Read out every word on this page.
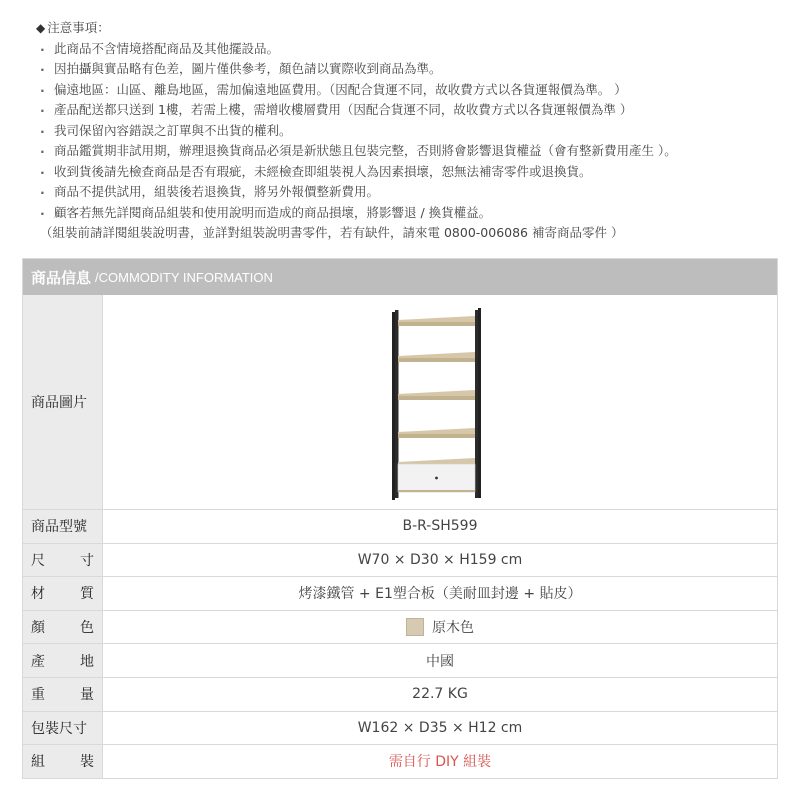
◆ 注意事項：
. 此商品不含情境搭配商品及其他擺設品。
. 因拍攝與實品略有色差，圖片僅供參考，顏色請以實際收到商品為準。
. 偏遠地區：山區、離島地區，需加偏遠地區費用。（因配合貨運不同，故收費方式以各貨運報價為準。 ）
. 產品配送都只送到 1樓，若需上樓，需增收樓層費用（因配合貨運不同，故收費方式以各貨運報價為準 ）
. 我司保留內容錯誤之訂單與不出貨的權利。
. 商品鑑賞期非試用期，辦理退換貨商品必須是新狀態且包裝完整，否則將會影響退貨權益（會有整新費用產生 ）。
. 收到貨後請先檢查商品是否有瑕疵，未經檢查即組裝視人為因素損壞，恕無法補寄零件或退換貨。
. 商品不提供試用，組裝後若退換貨，將另外報價整新費用。
. 顧客若無先詳閱商品組裝和使用說明而造成的商品損壞，將影響退 / 換貨權益。
（組裝前請詳閱組裝說明書，並詳對組裝說明書零件，若有缺件，請來電 0800-006086 補寄商品零件 ）
商品信息 /COMMODITY INFORMATION
商品圖片
商品型號	B-R-SH599
尺	寸	W70 × D30 × H159 cm
材	質	烤漆鐵管 + E1塑合板（美耐皿封邊 + 貼皮）
顏	色	原木色
產	地	中國
重	量	22.7 KG
包裝尺寸	W162 × D35 × H12 cm
組	裝	需自行 DIY 組裝
